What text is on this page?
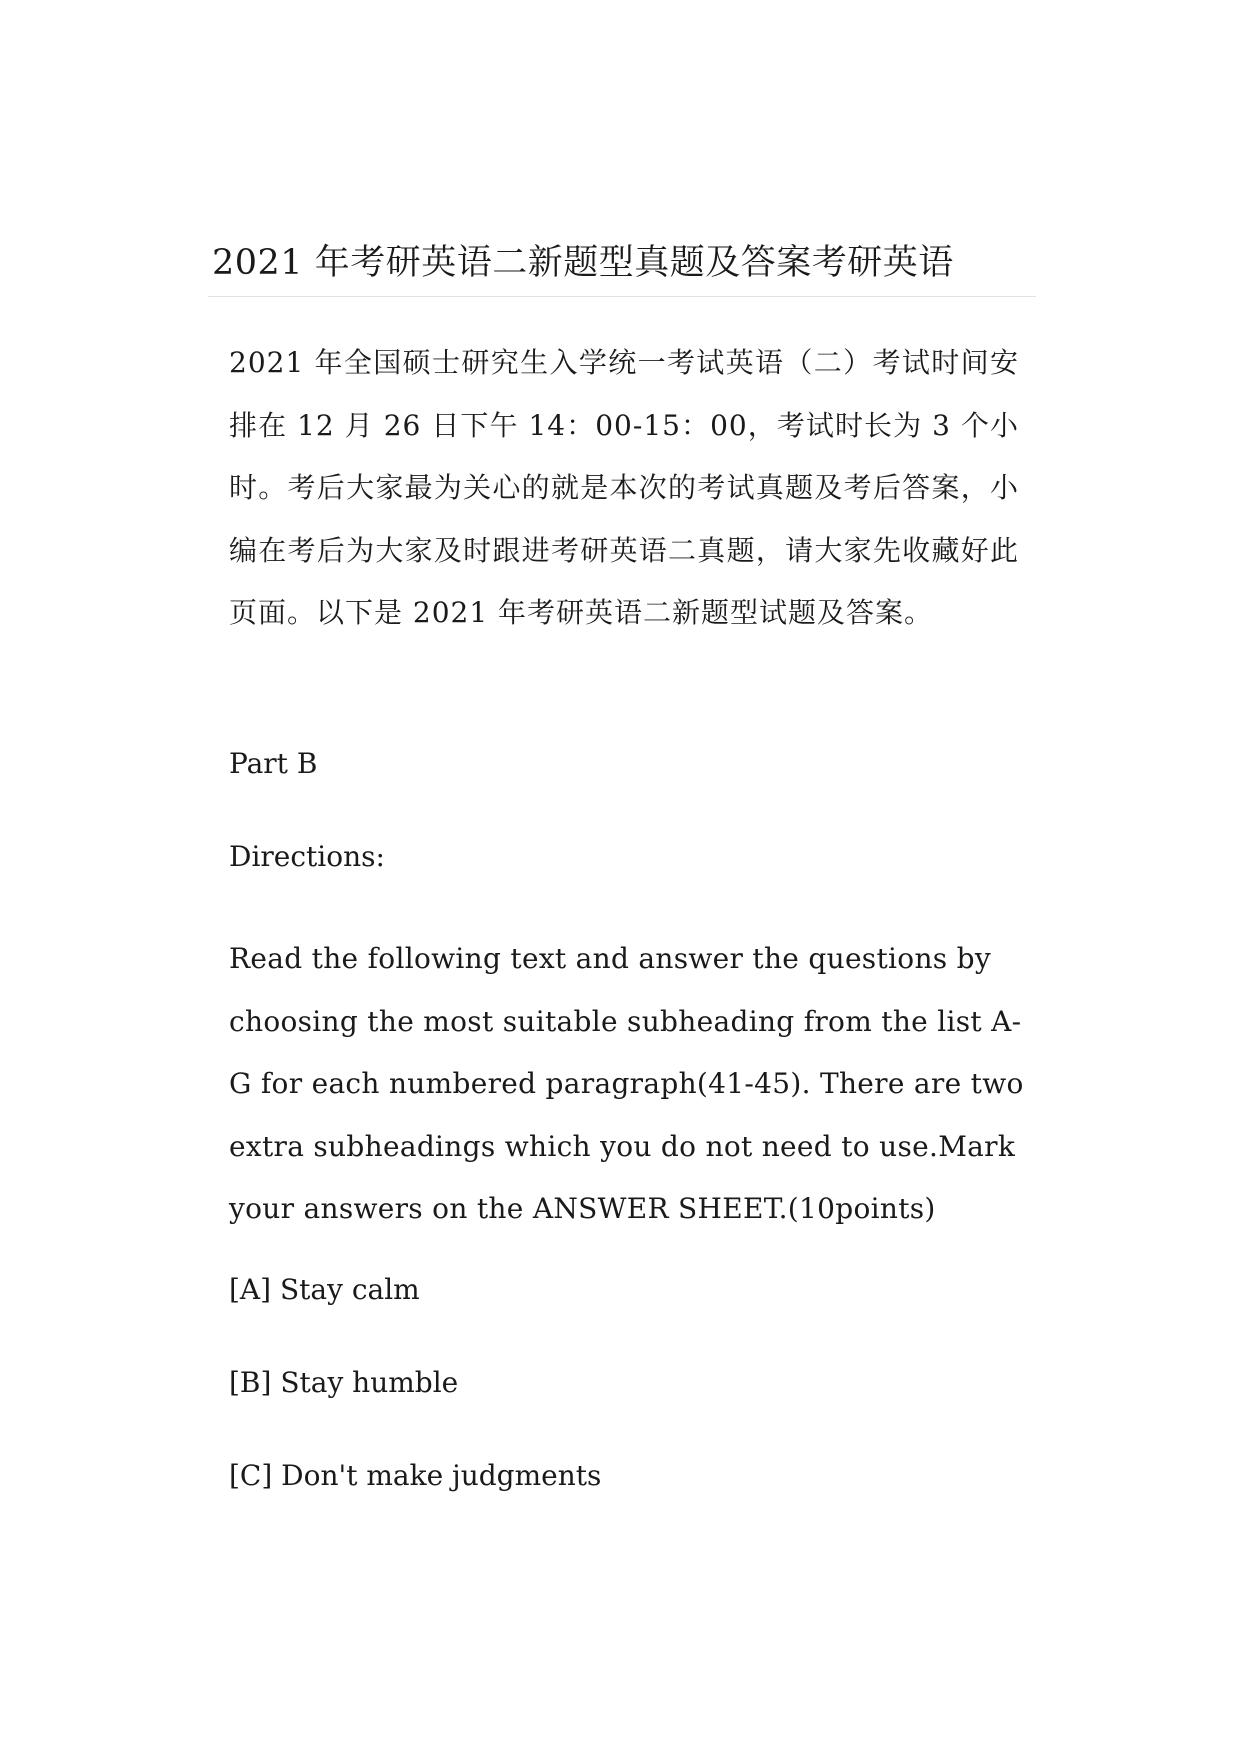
2021 年考研英语二新题型真题及答案考研英语

2021 年全国硕士研究生入学统一考试英语（二）考试时间安排在 12 月 26 日下午 14：00-15：00，考试时长为 3 个小时。考后大家最为关心的就是本次的考试真题及考后答案，小编在考后为大家及时跟进考研英语二真题，请大家先收藏好此页面。以下是 2021 年考研英语二新题型试题及答案。

Part B

Directions:

Read the following text and answer the questions by choosing the most suitable subheading from the list A-G for each numbered paragraph(41-45). There are two extra subheadings which you do not need to use.Mark your answers on the ANSWER SHEET.(10points)

[A] Stay calm

[B] Stay humble

[C] Don't make judgments
